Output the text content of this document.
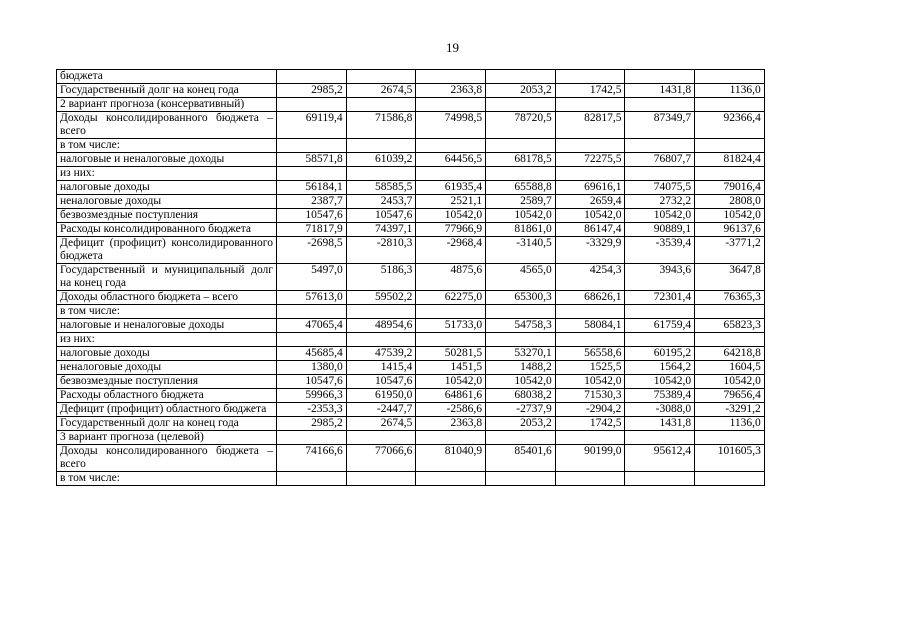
19
бюджета							
Государственный долг на конец года	2985,2	2674,5	2363,8	2053,2	1742,5	1431,8	1136,0
2 вариант прогноза (консервативный)							
Доходы консолидированного бюджета – всего	69119,4	71586,8	74998,5	78720,5	82817,5	87349,7	92366,4
в том числе:							
налоговые и неналоговые доходы	58571,8	61039,2	64456,5	68178,5	72275,5	76807,7	81824,4
из них:							
налоговые доходы	56184,1	58585,5	61935,4	65588,8	69616,1	74075,5	79016,4
неналоговые доходы	2387,7	2453,7	2521,1	2589,7	2659,4	2732,2	2808,0
безвозмездные поступления	10547,6	10547,6	10542,0	10542,0	10542,0	10542,0	10542,0
Расходы консолидированного бюджета	71817,9	74397,1	77966,9	81861,0	86147,4	90889,1	96137,6
Дефицит (профицит) консолидированного бюджета	-2698,5	-2810,3	-2968,4	-3140,5	-3329,9	-3539,4	-3771,2
Государственный и муниципальный долг на конец года	5497,0	5186,3	4875,6	4565,0	4254,3	3943,6	3647,8
Доходы областного бюджета – всего	57613,0	59502,2	62275,0	65300,3	68626,1	72301,4	76365,3
в том числе:							
налоговые и неналоговые доходы	47065,4	48954,6	51733,0	54758,3	58084,1	61759,4	65823,3
из них:							
налоговые доходы	45685,4	47539,2	50281,5	53270,1	56558,6	60195,2	64218,8
неналоговые доходы	1380,0	1415,4	1451,5	1488,2	1525,5	1564,2	1604,5
безвозмездные поступления	10547,6	10547,6	10542,0	10542,0	10542,0	10542,0	10542,0
Расходы областного бюджета	59966,3	61950,0	64861,6	68038,2	71530,3	75389,4	79656,4
Дефицит (профицит) областного бюджета	-2353,3	-2447,7	-2586,6	-2737,9	-2904,2	-3088,0	-3291,2
Государственный долг на конец года	2985,2	2674,5	2363,8	2053,2	1742,5	1431,8	1136,0
3 вариант прогноза (целевой)							
Доходы консолидированного бюджета – всего	74166,6	77066,6	81040,9	85401,6	90199,0	95612,4	101605,3
в том числе:							
